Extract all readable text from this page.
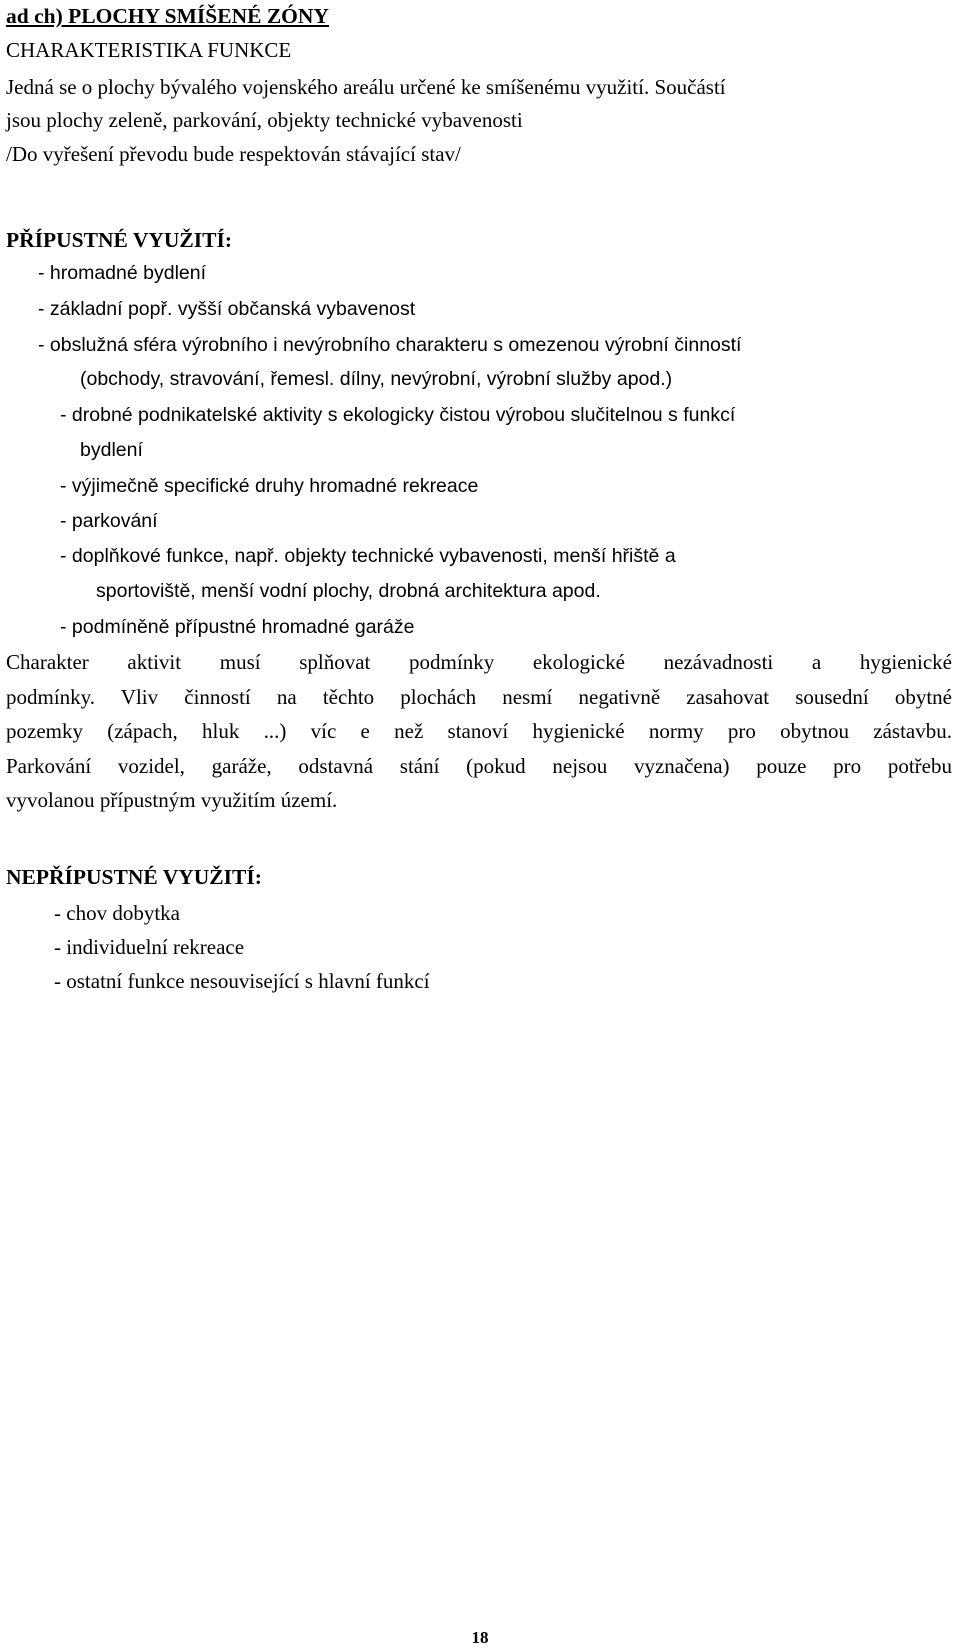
ad ch) PLOCHY SMÍŠENÉ ZÓNY
CHARAKTERISTIKA FUNKCE
Jedná se o plochy bývalého vojenského areálu určené ke smíšenému využití. Součástí
jsou plochy zeleně, parkování, objekty technické vybavenosti
/Do vyřešení převodu bude respektován stávající stav/
PŘÍPUSTNÉ VYUŽITÍ:
- hromadné bydlení
- základní popř. vyšší občanská vybavenost
- obslužná sféra výrobního i nevýrobního charakteru s omezenou výrobní činností
(obchody, stravování, řemesl. dílny, nevýrobní, výrobní služby apod.)
- drobné podnikatelské aktivity s ekologicky čistou výrobou slučitelnou s funkcí
bydlení
- výjimečně specifické druhy hromadné rekreace
- parkování
- doplňkové funkce, např. objekty technické vybavenosti, menší hřiště a
sportoviště, menší vodní plochy, drobná architektura apod.
- podmíněně přípustné hromadné garáže
Charakter aktivit musí splňovat podmínky ekologické nezávadnosti a hygienické
podmínky. Vliv činností na těchto plochách nesmí negativně zasahovat sousední obytné
pozemky (zápach, hluk ...) víc e než stanoví hygienické normy pro obytnou zástavbu.
Parkování vozidel, garáže, odstavná stání (pokud nejsou vyznačena) pouze pro potřebu
vyvolanou přípustným využitím území.
NEPŘÍPUSTNÉ VYUŽITÍ:
- chov dobytka
- individuelní rekreace
- ostatní funkce nesouvisející s hlavní funkcí
18
